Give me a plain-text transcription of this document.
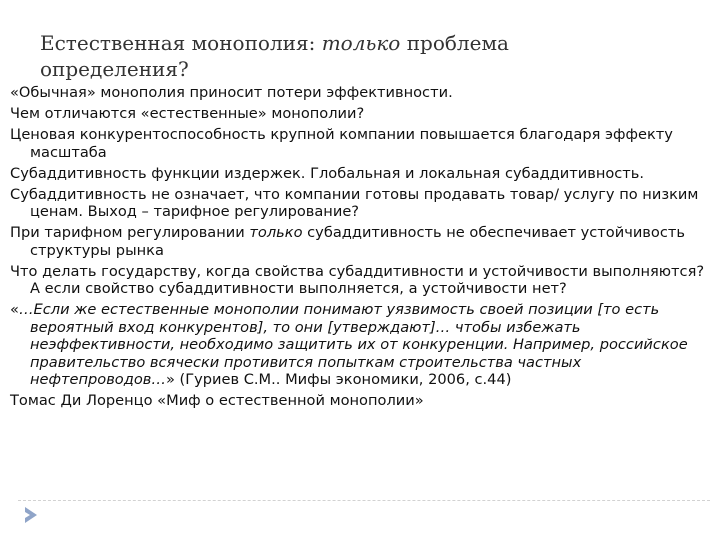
Естественная монополия: только проблема определения?
«Обычная» монополия приносит потери эффективности.
Чем отличаются «естественные» монополии?
Ценовая конкурентоспособность крупной компании повышается благодаря эффекту масштаба
Субаддитивность функции издержек. Глобальная и локальная субаддитивность.
Субаддитивность не означает, что компании готовы продавать товар/ услугу по низким ценам. Выход – тарифное регулирование?
При тарифном регулировании только субаддитивность не обеспечивает устойчивость структуры рынка
Что делать государству, когда свойства субаддитивности и устойчивости выполняются? А если свойство субаддитивности выполняется, а устойчивости нет?
«…Если же естественные монополии понимают уязвимость своей позиции [то есть вероятный вход конкурентов], то они [утверждают]… чтобы избежать неэффективности, необходимо защитить их от конкуренции. Например, российское правительство всячески противится попыткам строительства частных нефтепроводов…» (Гуриев С.М.. Мифы экономики, 2006, с.44)
Томас Ди Лоренцо «Миф о естественной монополии»
